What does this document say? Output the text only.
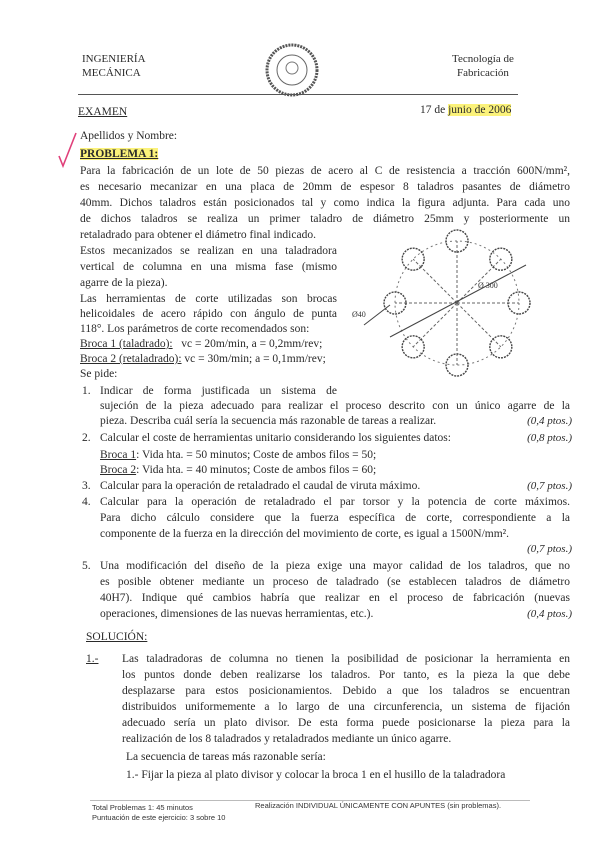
INGENIERÍA
MECÁNICA
Tecnología de
Fabricación
EXAMEN	17 de junio de 2006
Apellidos y Nombre:
PROBLEMA 1:
Para la fabricación de un lote de 50 piezas de acero al C de resistencia a tracción 600N/mm²,
es necesario mecanizar en una placa de 20mm de espesor 8 taladros pasantes de diámetro
40mm. Dichos taladros están posicionados tal y como indica la figura adjunta. Para cada uno
de dichos taladros se realiza un primer taladro de diámetro 25mm y posteriormente un
retaladrado para obtener el diámetro final indicado.
Estos mecanizados se realizan en una taladradora
vertical de columna en una misma fase (mismo
agarre de la pieza).
Las herramientas de corte utilizadas son brocas
helicoidales de acero rápido con ángulo de punta
118°. Los parámetros de corte recomendados son:
Broca 1 (taladrado): vc = 20m/min, a = 0,2mm/rev;
Broca 2 (retaladrado): vc = 30m/min; a = 0,1mm/rev;
Se pide:
Ø40
Ø 300
1. Indicar de forma justificada un sistema de
sujeción de la pieza adecuado para realizar el proceso descrito con un único agarre de la
pieza. Describa cuál sería la secuencia más razonable de tareas a realizar.	(0,4 ptos.)
2. Calcular el coste de herramientas unitario considerando los siguientes datos:	(0,8 ptos.)
Broca 1: Vida hta. = 50 minutos; Coste de ambos filos = 50;
Broca 2: Vida hta. = 40 minutos; Coste de ambos filos = 60;
3. Calcular para la operación de retaladrado el caudal de viruta máximo.	(0,7 ptos.)
4. Calcular para la operación de retaladrado el par torsor y la potencia de corte máximos.
Para dicho cálculo considere que la fuerza específica de corte, correspondiente a la
componente de la fuerza en la dirección del movimiento de corte, es igual a 1500N/mm².
(0,7 ptos.)
5. Una modificación del diseño de la pieza exige una mayor calidad de los taladros, que no
es posible obtener mediante un proceso de taladrado (se establecen taladros de diámetro
40H7). Indique qué cambios habría que realizar en el proceso de fabricación (nuevas
operaciones, dimensiones de las nuevas herramientas, etc.).	(0,4 ptos.)
SOLUCIÓN:
1.- Las taladradoras de columna no tienen la posibilidad de posicionar la herramienta en
los puntos donde deben realizarse los taladros. Por tanto, es la pieza la que debe
desplazarse para estos posicionamientos. Debido a que los taladros se encuentran
distribuidos uniformemente a lo largo de una circunferencia, un sistema de fijación
adecuado sería un plato divisor. De esta forma puede posicionarse la pieza para la
realización de los 8 taladrados y retaladrados mediante un único agarre.
La secuencia de tareas más razonable sería:
1.- Fijar la pieza al plato divisor y colocar la broca 1 en el husillo de la taladradora
Total Problemas 1: 45 minutos	Realización INDIVIDUAL ÚNICAMENTE CON APUNTES (sin problemas).
Puntuación de este ejercicio: 3 sobre 10
